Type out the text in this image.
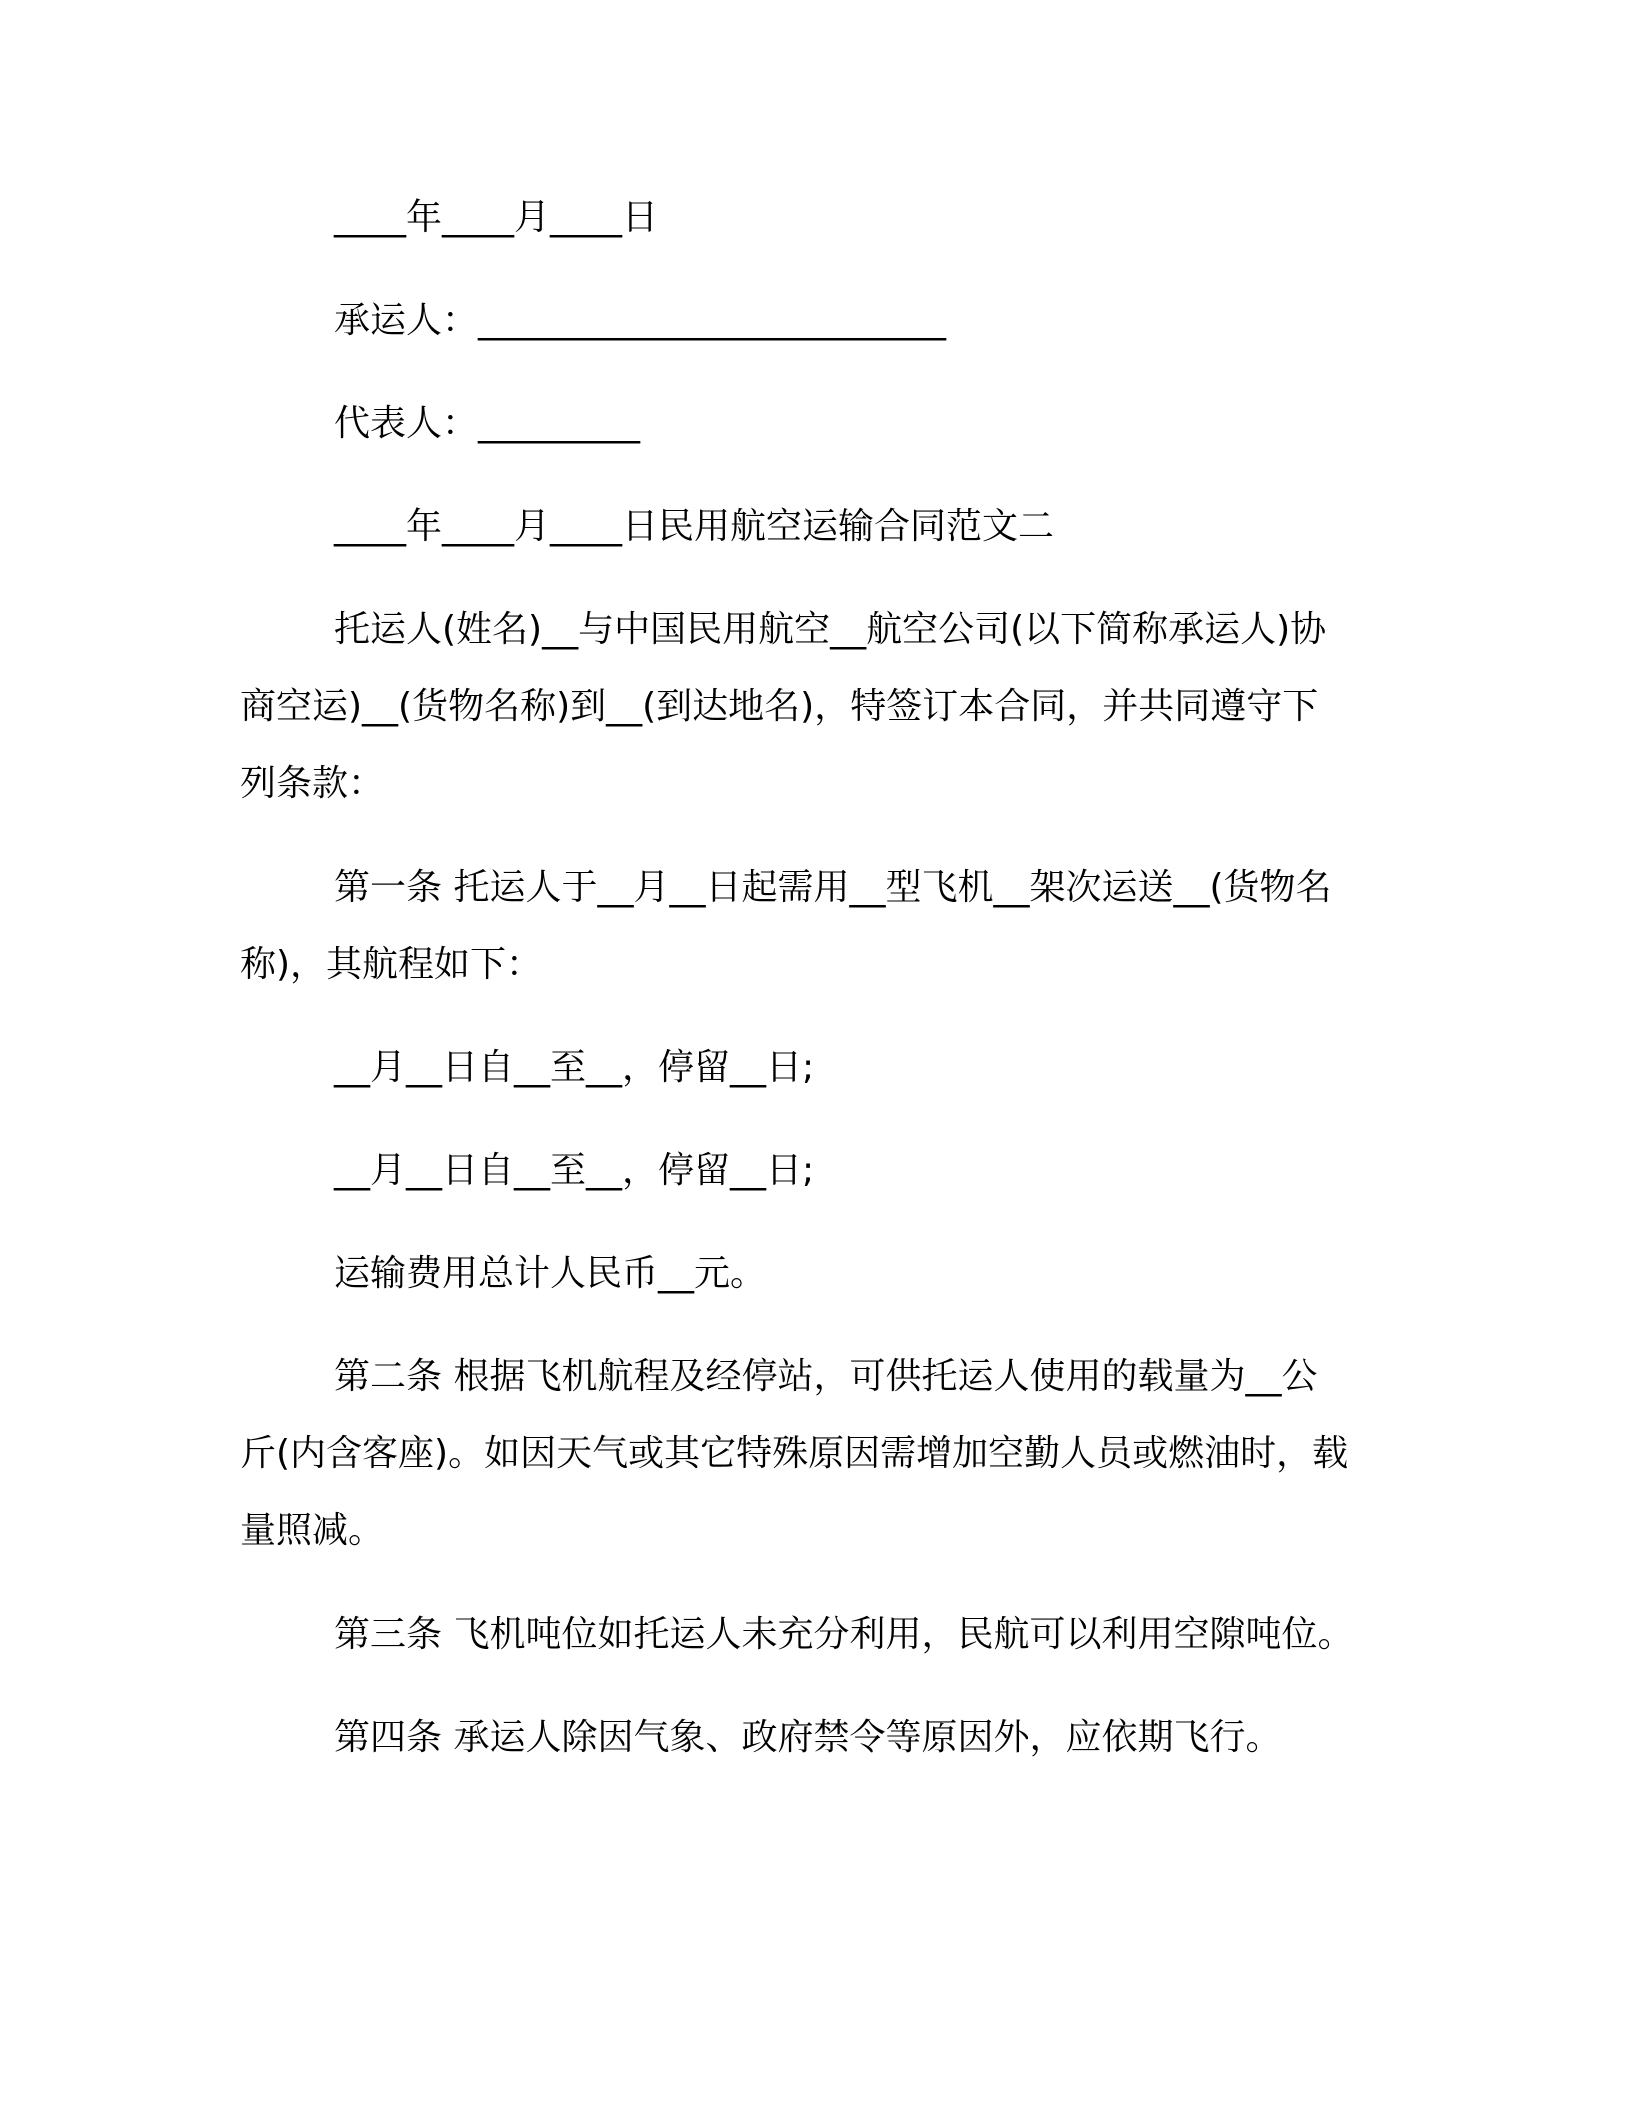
____年____月____日

承运人：__________________________

代表人：_________

____年____月____日民用航空运输合同范文二

托运人(姓名)__与中国民用航空__航空公司(以下简称承运人)协

商空运)__(货物名称)到__(到达地名)，特签订本合同，并共同遵守下

列条款：

第一条 托运人于__月__日起需用__型飞机__架次运送__(货物名

称)，其航程如下：

__月__日自__至__，停留__日;

__月__日自__至__，停留__日;

运输费用总计人民币__元。

第二条 根据飞机航程及经停站，可供托运人使用的载量为__公

斤(内含客座)。如因天气或其它特殊原因需增加空勤人员或燃油时，载

量照减。

第三条 飞机吨位如托运人未充分利用，民航可以利用空隙吨位。

第四条 承运人除因气象、政府禁令等原因外，应依期飞行。
